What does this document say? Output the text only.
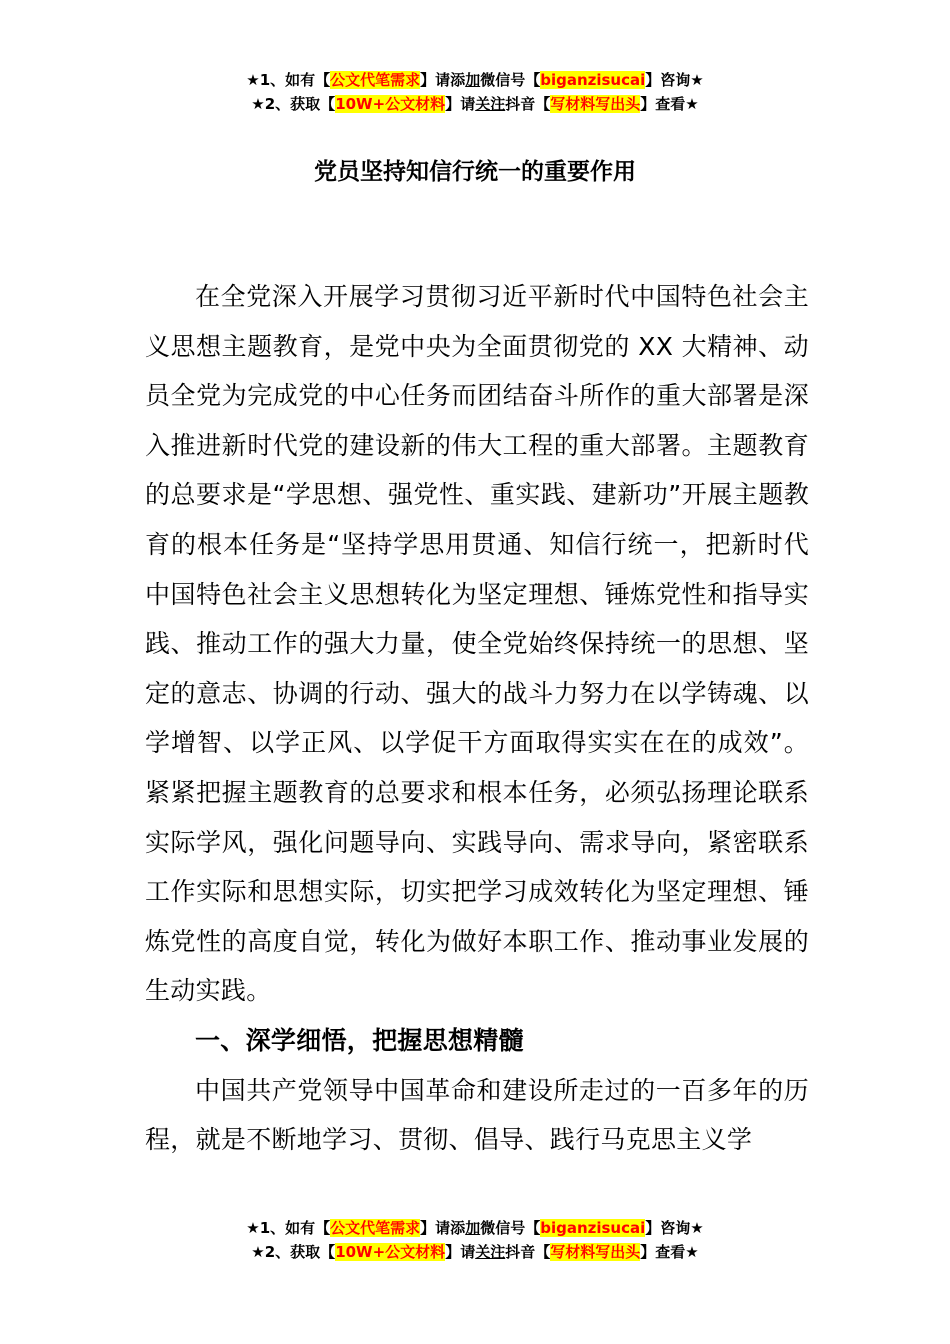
★1、如有【公文代笔需求】请添加微信号【biganzisucai】咨询★
★2、获取【10W+公文材料】请关注抖音【写材料写出头】查看★
党员坚持知信行统一的重要作用

在全党深入开展学习贯彻习近平新时代中国特色社会主义思想主题教育，是党中央为全面贯彻党的 XX 大精神、动员全党为完成党的中心任务而团结奋斗所作的重大部署是深入推进新时代党的建设新的伟大工程的重大部署。主题教育的总要求是“学思想、强党性、重实践、建新功”开展主题教育的根本任务是“坚持学思用贯通、知信行统一，把新时代中国特色社会主义思想转化为坚定理想、锤炼党性和指导实践、推动工作的强大力量，使全党始终保持统一的思想、坚定的意志、协调的行动、强大的战斗力努力在以学铸魂、以学增智、以学正风、以学促干方面取得实实在在的成效”。紧紧把握主题教育的总要求和根本任务，必须弘扬理论联系实际学风，强化问题导向、实践导向、需求导向，紧密联系工作实际和思想实际，切实把学习成效转化为坚定理想、锤炼党性的高度自觉，转化为做好本职工作、推动事业发展的生动实践。

一、深学细悟，把握思想精髓

中国共产党领导中国革命和建设所走过的一百多年的历程，就是不断地学习、贯彻、倡导、践行马克思主义学

★1、如有【公文代笔需求】请添加微信号【biganzisucai】咨询★
★2、获取【10W+公文材料】请关注抖音【写材料写出头】查看★
